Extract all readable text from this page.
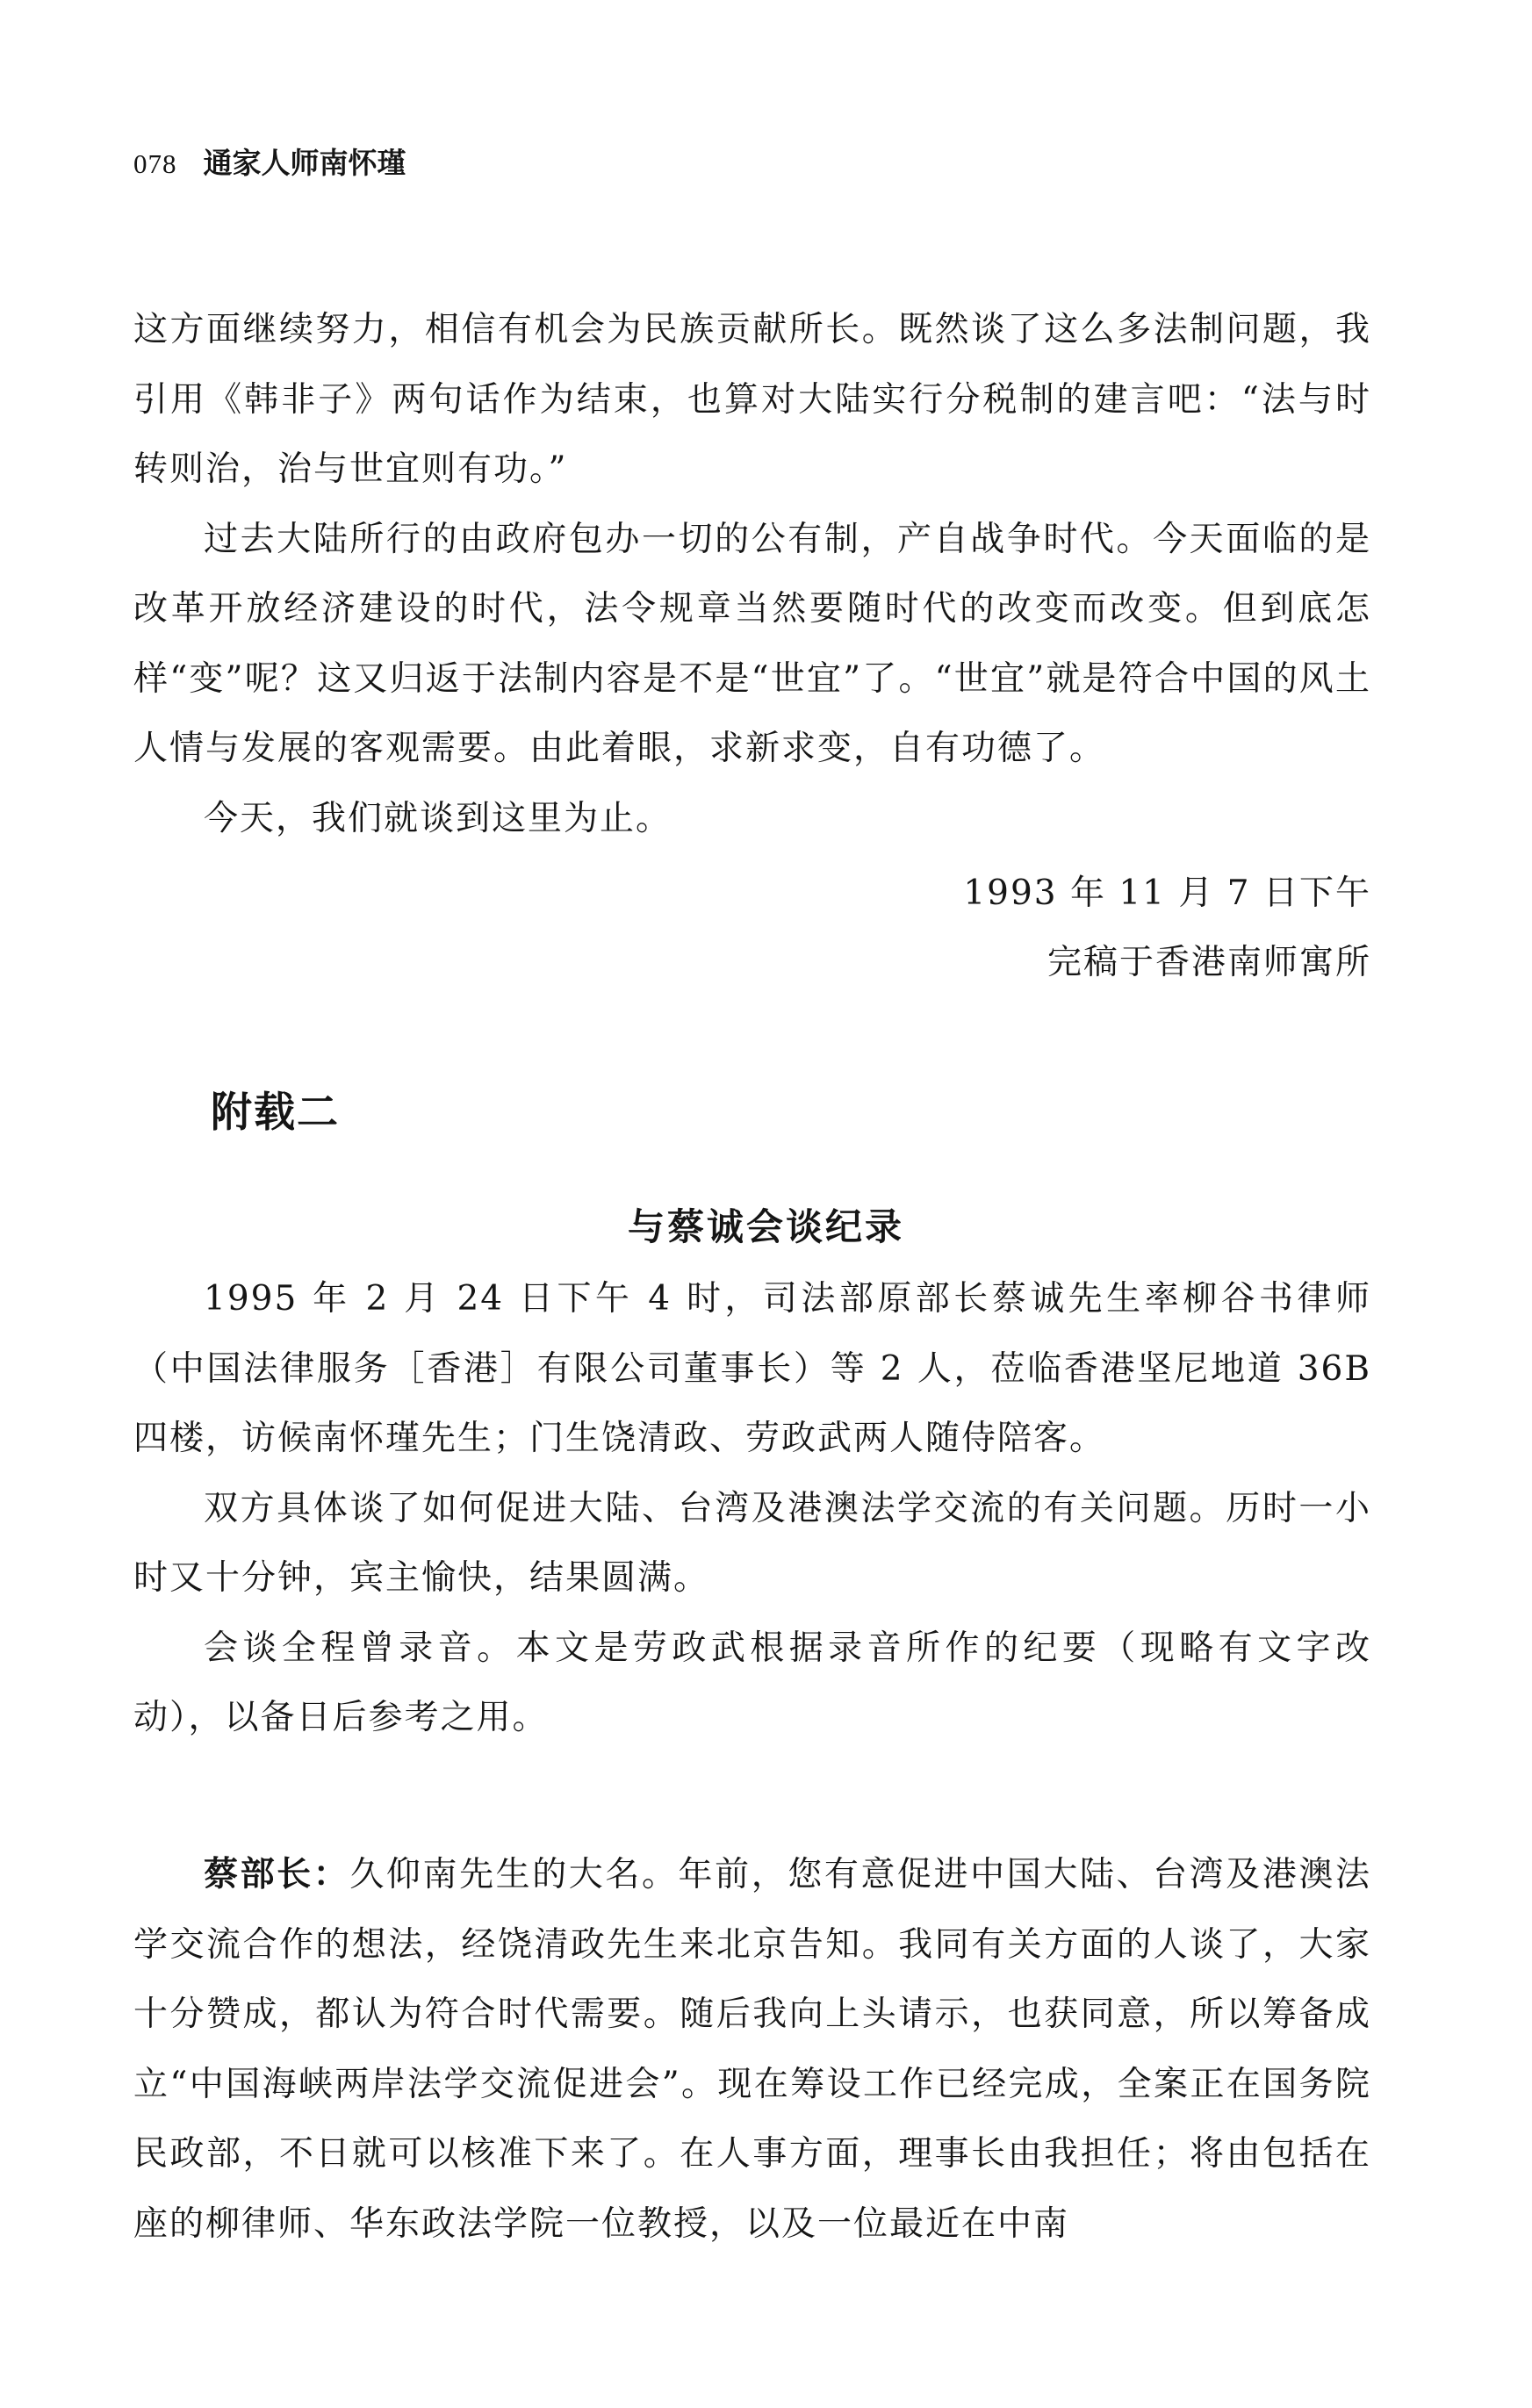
078 通家人师南怀瑾

这方面继续努力，相信有机会为民族贡献所长。既然谈了这么多法制问题，我引用《韩非子》两句话作为结束，也算对大陆实行分税制的建言吧：“法与时转则治，治与世宜则有功。”

过去大陆所行的由政府包办一切的公有制，产自战争时代。今天面临的是改革开放经济建设的时代，法令规章当然要随时代的改变而改变。但到底怎样“变”呢？这又归返于法制内容是不是“世宜”了。“世宜”就是符合中国的风土人情与发展的客观需要。由此着眼，求新求变，自有功德了。

今天，我们就谈到这里为止。

1993 年 11 月 7 日下午
完稿于香港南师寓所
附载二
与蔡诚会谈纪录

1995 年 2 月 24 日下午 4 时，司法部原部长蔡诚先生率柳谷书律师（中国法律服务［香港］有限公司董事长）等 2 人，莅临香港坚尼地道 36B 四楼，访候南怀瑾先生；门生饶清政、劳政武两人随侍陪客。

双方具体谈了如何促进大陆、台湾及港澳法学交流的有关问题。历时一小时又十分钟，宾主愉快，结果圆满。

会谈全程曾录音。本文是劳政武根据录音所作的纪要（现略有文字改动），以备日后参考之用。

蔡部长：久仰南先生的大名。年前，您有意促进中国大陆、台湾及港澳法学交流合作的想法，经饶清政先生来北京告知。我同有关方面的人谈了，大家十分赞成，都认为符合时代需要。随后我向上头请示，也获同意，所以筹备成立“中国海峡两岸法学交流促进会”。现在筹设工作已经完成，全案正在国务院民政部，不日就可以核准下来了。在人事方面，理事长由我担任；将由包括在座的柳律师、华东政法学院一位教授，以及一位最近在中南
